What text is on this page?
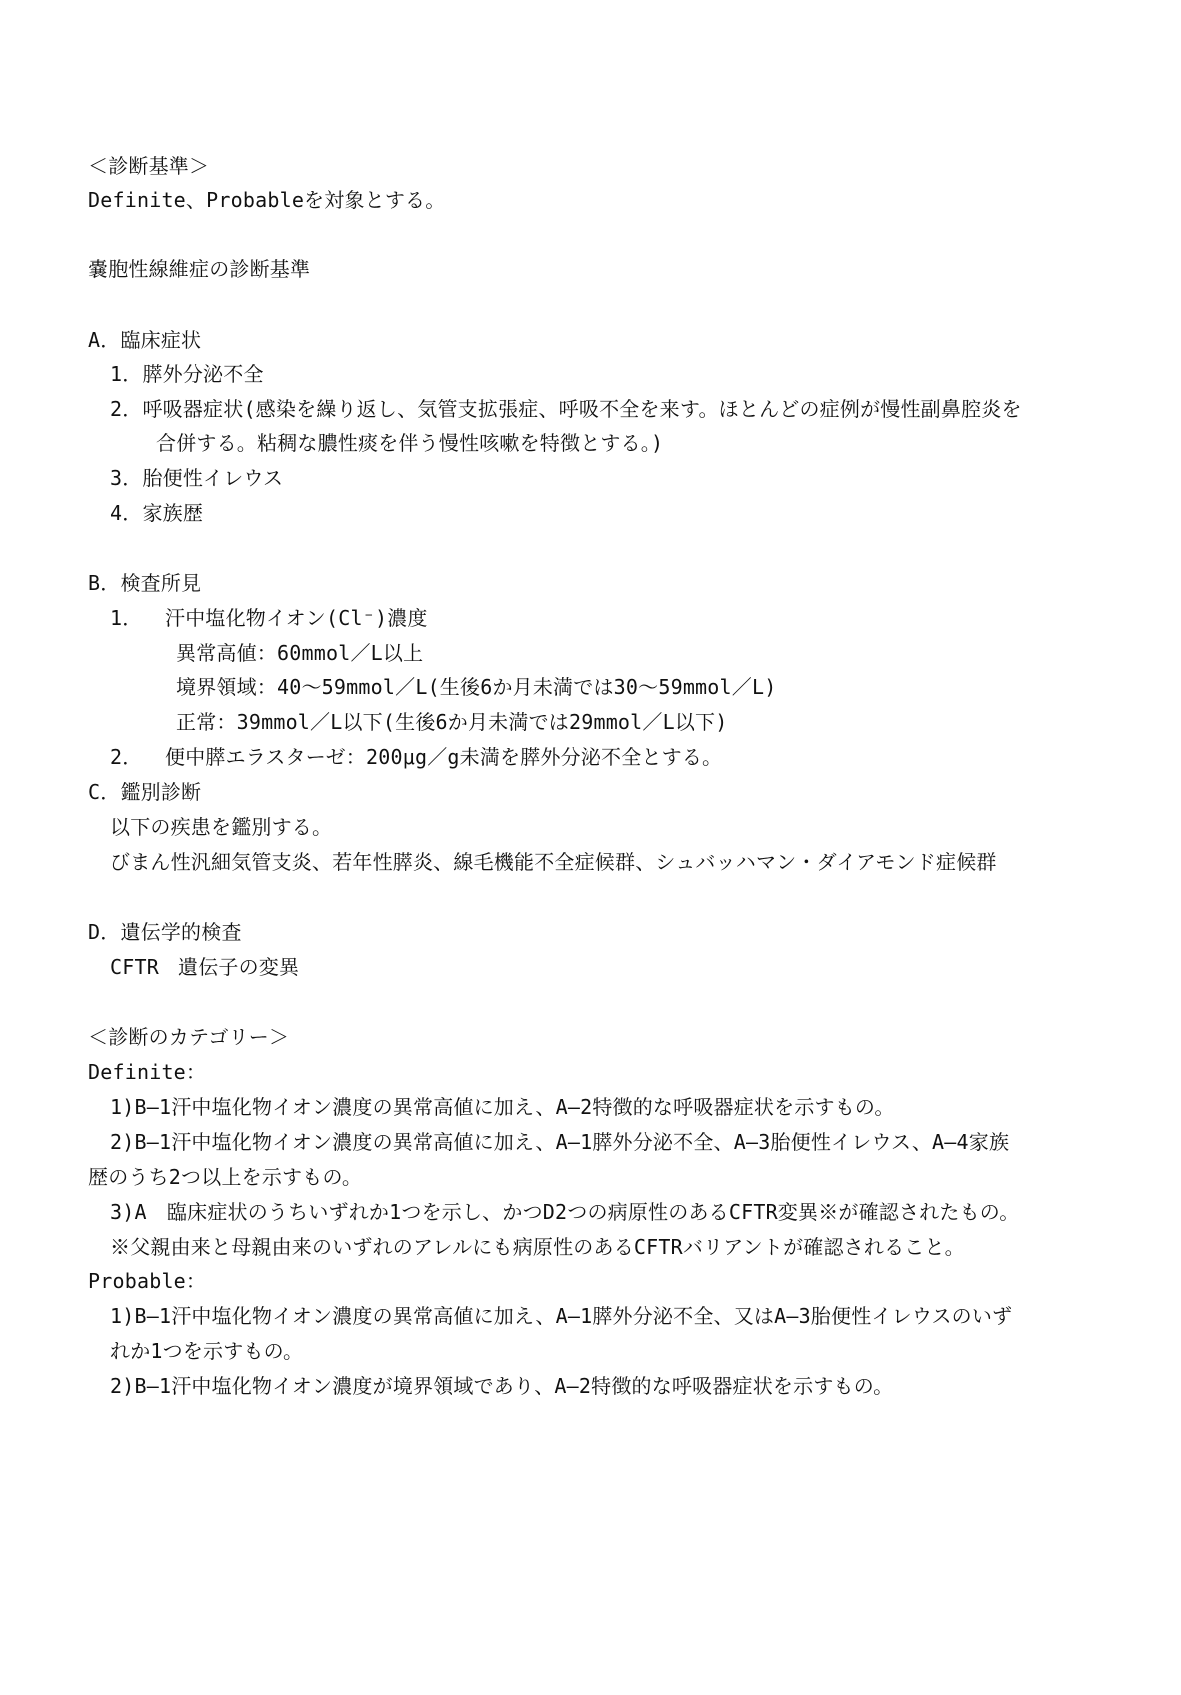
＜診断基準＞
Definite、Probableを対象とする。
嚢胞性線維症の診断基準
A．臨床症状
1．膵外分泌不全
2．呼吸器症状(感染を繰り返し、気管支拡張症、呼吸不全を来す。ほとんどの症例が慢性副鼻腔炎を
合併する。粘稠な膿性痰を伴う慢性咳嗽を特徴とする。)
3．胎便性イレウス
4．家族歴
B．検査所見
1． 汗中塩化物イオン(Cl⁻)濃度
異常高値：60mmol／L以上
境界領域：40～59mmol／L(生後6か月未満では30～59mmol／L)
正常：39mmol／L以下(生後6か月未満では29mmol／L以下)
2． 便中膵エラスターゼ：200μg／g未満を膵外分泌不全とする。
C．鑑別診断
以下の疾患を鑑別する。
びまん性汎細気管支炎、若年性膵炎、線毛機能不全症候群、シュバッハマン・ダイアモンド症候群
D．遺伝学的検査
CFTR 遺伝子の変異
＜診断のカテゴリー＞
Definite：
1)B―1汗中塩化物イオン濃度の異常高値に加え、A―2特徴的な呼吸器症状を示すもの。
2)B―1汗中塩化物イオン濃度の異常高値に加え、A―1膵外分泌不全、A―3胎便性イレウス、A―4家族
歴のうち2つ以上を示すもの。
3)A　臨床症状のうちいずれか1つを示し、かつD2つの病原性のあるCFTR変異※が確認されたもの。
※父親由来と母親由来のいずれのアレルにも病原性のあるCFTRバリアントが確認されること。
Probable：
1)B―1汗中塩化物イオン濃度の異常高値に加え、A―1膵外分泌不全、又はA―3胎便性イレウスのいず
れか1つを示すもの。
2)B―1汗中塩化物イオン濃度が境界領域であり、A―2特徴的な呼吸器症状を示すもの。
